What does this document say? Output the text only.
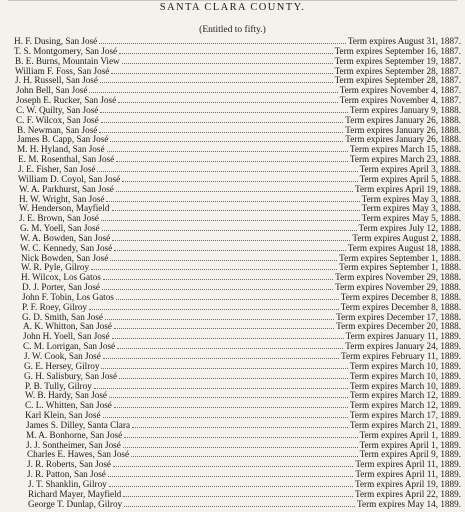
SANTA CLARA COUNTY.
(Entitled to fifty.)
H. F. Dusing, San José	Term expires August 31, 1887.
T. S. Montgomery, San José	Term expires September 16, 1887.
B. E. Burns, Mountain View	Term expires September 19, 1887.
William F. Foss, San José	Term expires September 28, 1887.
J. H. Russell, San José	Term expires September 28, 1887.
John Bell, San José	Term expires November 4, 1887.
Joseph E. Rucker, San José	Term expires November 4, 1887.
C. W. Quilty, San José	Term expires January 9, 1888.
C. F. Wilcox, San José	Term expires January 26, 1888.
B. Newman, San José	Term expires January 26, 1888.
James B. Capp, San José	Term expires January 26, 1888.
M. H. Hyland, San José	Term expires March 15, 1888.
E. M. Rosenthal, San José	Term expires March 23, 1888.
J. E. Fisher, San José	Term expires April 3, 1888.
William D. Coyol, San José	Term expires April 5, 1888.
W. A. Parkhurst, San José	Term expires April 19, 1888.
H. W. Wright, San José	Term expires May 3, 1888.
W. Henderson, Mayfield	Term expires May 3, 1888.
J. E. Brown, San José	Term expires May 5, 1888.
G. M. Yoell, San José	Term expires July 12, 1888.
W. A. Bowden, San José	Term expires August 2, 1888.
W. C. Kennedy, San José	Term expires August 18, 1888.
Nick Bowden, San José	Term expires September 1, 1888.
W. R. Pyle, Gilroy	Term expires September 1, 1888.
H. Wilcox, Los Gatos	Term expires November 29, 1888.
D. J. Porter, San José	Term expires November 29, 1888.
John F. Tobin, Los Gatos	Term expires December 8, 1888.
P. F. Roey, Gilroy	Term expires December 8, 1888.
G. D. Smith, San José	Term expires December 17, 1888.
A. K. Whitton, San José	Term expires December 20, 1888.
John H. Yoell, San José	Term expires January 11, 1889.
C. M. Lorrigan, San José	Term expires January 24, 1889.
J. W. Cook, San José	Term expires February 11, 1889.
G. E. Hersey, Gilroy	Term expires March 10, 1889.
G. H. Salisbury, San José	Term expires March 10, 1889.
P. B. Tully, Gilroy	Term expires March 10, 1889.
W. B. Hardy, San José	Term expires March 12, 1889.
C. L. Whitten, San José	Term expires March 12, 1889.
Karl Klein, San José	Term expires March 17, 1889.
James S. Dilley, Santa Clara	Term expires March 21, 1889.
M. A. Bonhorne, San José	Term expires April 1, 1889.
J. J. Sontheimer, San José	Term expires April 1, 1889.
Charles E. Hawes, San José	Term expires April 9, 1889.
J. R. Roberts, San José	Term expires April 11, 1889.
J. R. Patton, San José	Term expires April 11, 1889.
J. T. Shanklin, Gilroy	Term expires April 19, 1889.
Richard Mayer, Mayfield	Term expires April 22, 1889.
George T. Dunlap, Gilroy	Term expires May 14, 1889.
